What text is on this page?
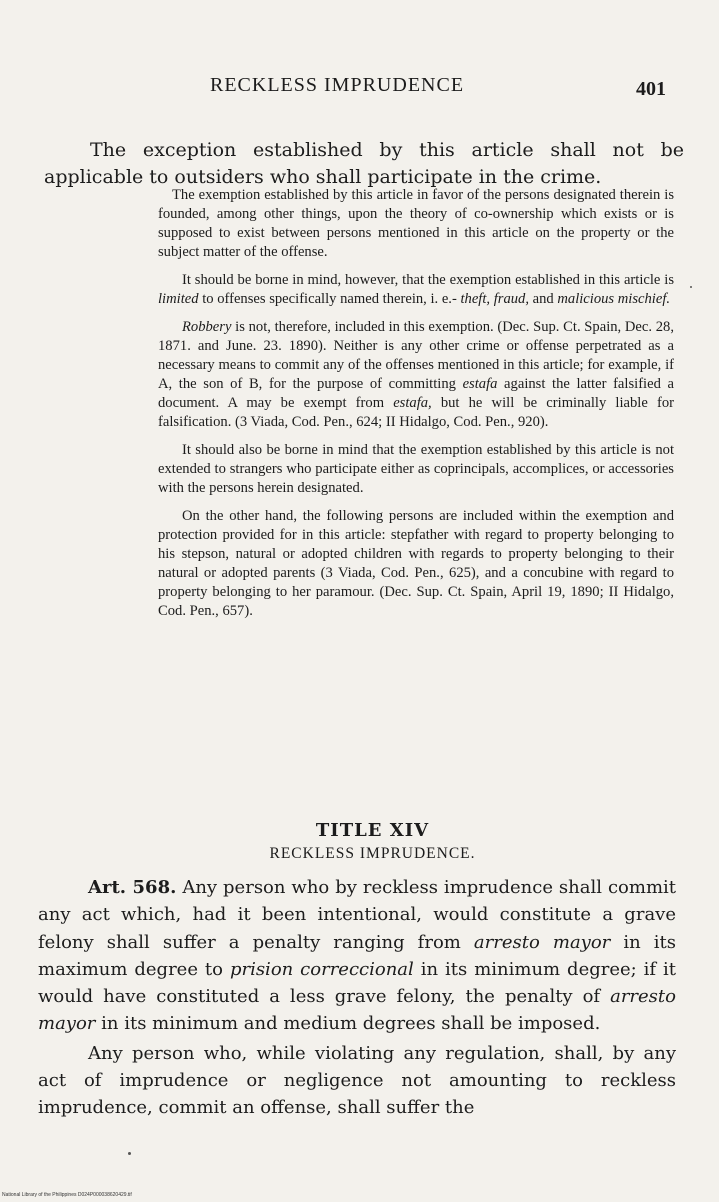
RECKLESS IMPRUDENCE	401

The exception established by this article shall not be applicable to outsiders who shall participate in the crime.

The exemption established by this article in favor of the persons designated therein is founded, among other things, upon the theory of co-ownership which exists or is supposed to exist between persons mentioned in this article on the property or the subject matter of the offense.

It should be borne in mind, however, that the exemption established in this article is limited to offenses specifically named therein, i. e.- theft, fraud, and malicious mischief.

Robbery is not, therefore, included in this exemption. (Dec. Sup. Ct. Spain, Dec. 28, 1871. and June. 23. 1890). Neither is any other crime or offense perpetrated as a necessary means to commit any of the offenses mentioned in this article; for example, if A, the son of B, for the purpose of committing estafa against the latter falsified a document. A may be exempt from estafa, but he will be criminally liable for falsification. (3 Viada, Cod. Pen., 624; II Hidalgo, Cod. Pen., 920).

It should also be borne in mind that the exemption established by this article is not extended to strangers who participate either as coprincipals, accomplices, or accessories with the persons herein designated.

On the other hand, the following persons are included within the exemption and protection provided for in this article: stepfather with regard to property belonging to his stepson, natural or adopted children with regards to property belonging to their natural or adopted parents (3 Viada, Cod. Pen., 625), and a concubine with regard to property belonging to her paramour. (Dec. Sup. Ct. Spain, April 19, 1890; II Hidalgo, Cod. Pen., 657).

TITLE XIV
RECKLESS IMPRUDENCE.

Art. 568. Any person who by reckless imprudence shall commit any act which, had it been intentional, would constitute a grave felony shall suffer a penalty ranging from arresto mayor in its maximum degree to prision correccional in its minimum degree; if it would have constituted a less grave felony, the penalty of arresto mayor in its minimum and medium degrees shall be imposed.

Any person who, while violating any regulation, shall, by any act of imprudence or negligence not amounting to reckless imprudence, commit an offense, shall suffer the

National Library of the Philippines D024P000038620429.tif
